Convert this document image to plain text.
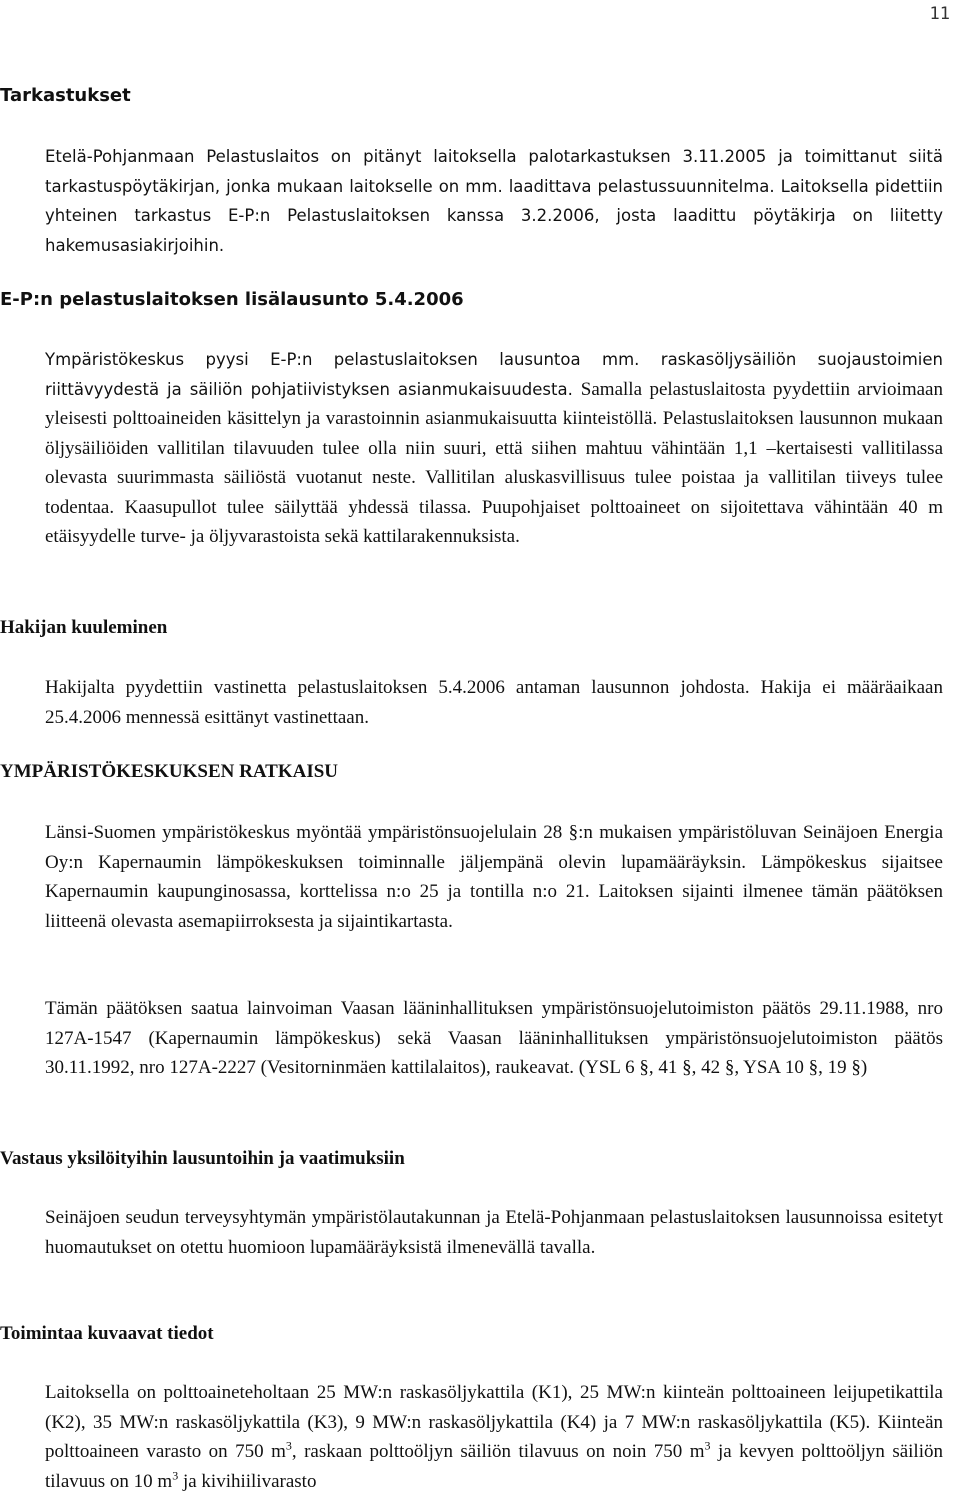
11
Tarkastukset

Etelä-Pohjanmaan Pelastuslaitos on pitänyt laitoksella palotarkastuksen 3.11.2005 ja toimittanut siitä tarkastuspöytäkirjan, jonka mukaan laitokselle on mm. laadittava pelastussuunnitelma. Laitoksella pidettiin yhteinen tarkastus E-P:n Pelastuslaitoksen kanssa 3.2.2006, josta laadittu pöytäkirja on liitetty hakemusasiakirjoihin.

E-P:n pelastuslaitoksen lisälausunto 5.4.2006

Ympäristökeskus pyysi E-P:n pelastuslaitoksen lausuntoa mm. raskasöljysäiliön suojaustoimien riittävyydestä ja säiliön pohjatiivistyksen asianmukaisuudesta. Samalla pelastuslaitosta pyydettiin arvioimaan yleisesti polttoaineiden käsittelyn ja varastoinnin asianmukaisuutta kiinteistöllä. Pelastuslaitoksen lausunnon mukaan öljysäiliöiden vallitilan tilavuuden tulee olla niin suuri, että siihen mahtuu vähintään 1,1 –kertaisesti vallitilassa olevasta suurimmasta säiliöstä vuotanut neste. Vallitilan aluskasvillisuus tulee poistaa ja vallitilan tiiveys tulee todentaa. Kaasupullot tulee säilyttää yhdessä tilassa. Puupohjaiset polttoaineet on sijoitettava vähintään 40 m etäisyydelle turve- ja öljyvarastoista sekä kattilarakennuksista.

Hakijan kuuleminen

Hakijalta pyydettiin vastinetta pelastuslaitoksen 5.4.2006 antaman lausunnon johdosta. Hakija ei määräaikaan 25.4.2006 mennessä esittänyt vastinettaan.

YMPÄRISTÖKESKUKSEN RATKAISU

Länsi-Suomen ympäristökeskus myöntää ympäristönsuojelulain 28 §:n mukaisen ympäristöluvan Seinäjoen Energia Oy:n Kapernaumin lämpökeskuksen toiminnalle jäljempänä olevin lupamääräyksin. Lämpökeskus sijaitsee Kapernaumin kaupunginosassa, korttelissa n:o 25 ja tontilla n:o 21. Laitoksen sijainti ilmenee tämän päätöksen liitteenä olevasta asemapiirroksesta ja sijaintikartasta.

Tämän päätöksen saatua lainvoiman Vaasan lääninhallituksen ympäristönsuojelutoimiston päätös 29.11.1988, nro 127A-1547 (Kapernaumin lämpökeskus) sekä Vaasan lääninhallituksen ympäristönsuojelutoimiston päätös 30.11.1992, nro 127A-2227 (Vesitorninmäen kattilalaitos), raukeavat. (YSL 6 §, 41 §, 42 §, YSA 10 §, 19 §)

Vastaus yksilöityihin lausuntoihin ja vaatimuksiin

Seinäjoen seudun terveysyhtymän ympäristölautakunnan ja Etelä-Pohjanmaan pelastuslaitoksen lausunnoissa esitetyt huomautukset on otettu huomioon lupamääräyksistä ilmenevällä tavalla.

Toimintaa kuvaavat tiedot

Laitoksella on polttoaineteholtaan 25 MW:n raskasöljykattila (K1), 25 MW:n kiinteän polttoaineen leijupetikattila (K2), 35 MW:n raskasöljykattila (K3), 9 MW:n raskasöljykattila (K4) ja 7 MW:n raskasöljykattila (K5). Kiinteän polttoaineen varasto on 750 $m^3$, raskaan polttoöljyn säiliön tilavuus on noin 750 $m^3$ ja kevyen polttoöljyn säiliön tilavuus on 10 $m^3$ ja kivihiilivarasto
